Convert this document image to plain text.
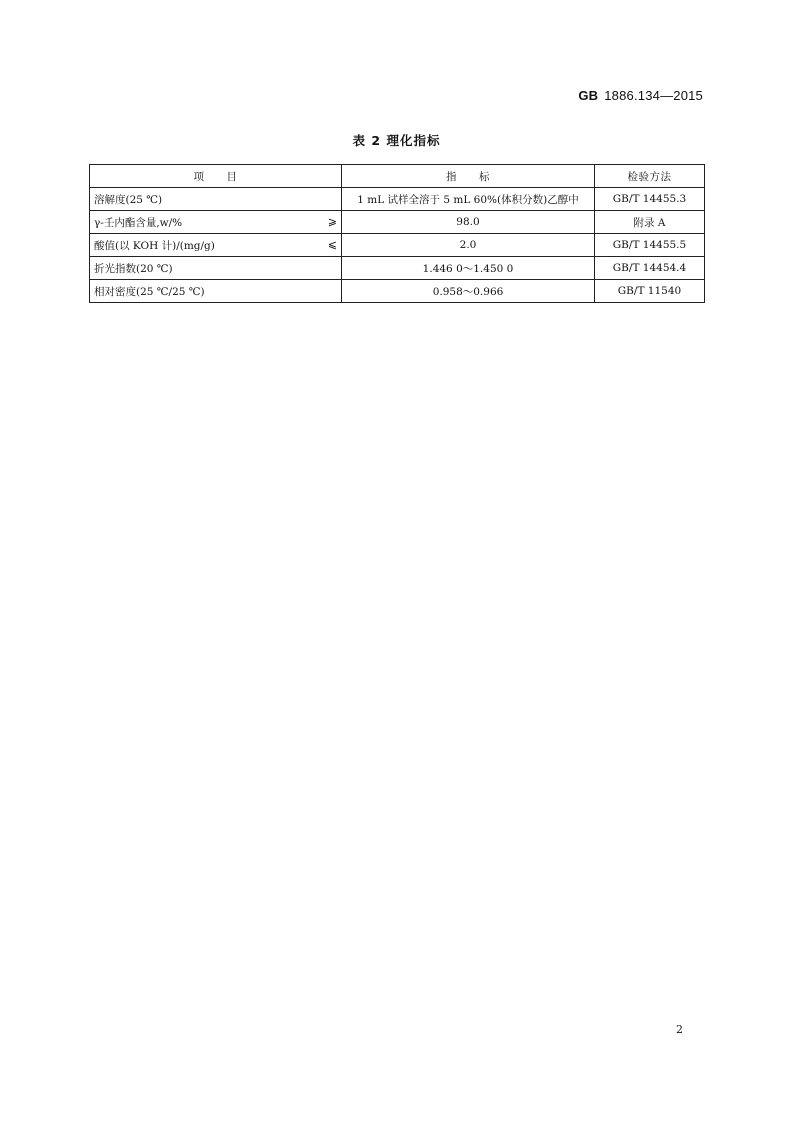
GB 1886.134—2015
表 2 理化指标
项　　目	指　　标	检验方法
溶解度(25 ℃)	1 mL 试样全溶于 5 mL 60%(体积分数)乙醇中	GB/T 14455.3
γ-壬内酯含量,w/% ⩾	98.0	附录 A
酸值(以 KOH 计)/(mg/g) ⩽	2.0	GB/T 14455.5
折光指数(20 ℃)	1.446 0～1.450 0	GB/T 14454.4
相对密度(25 ℃/25 ℃)	0.958～0.966	GB/T 11540
2
